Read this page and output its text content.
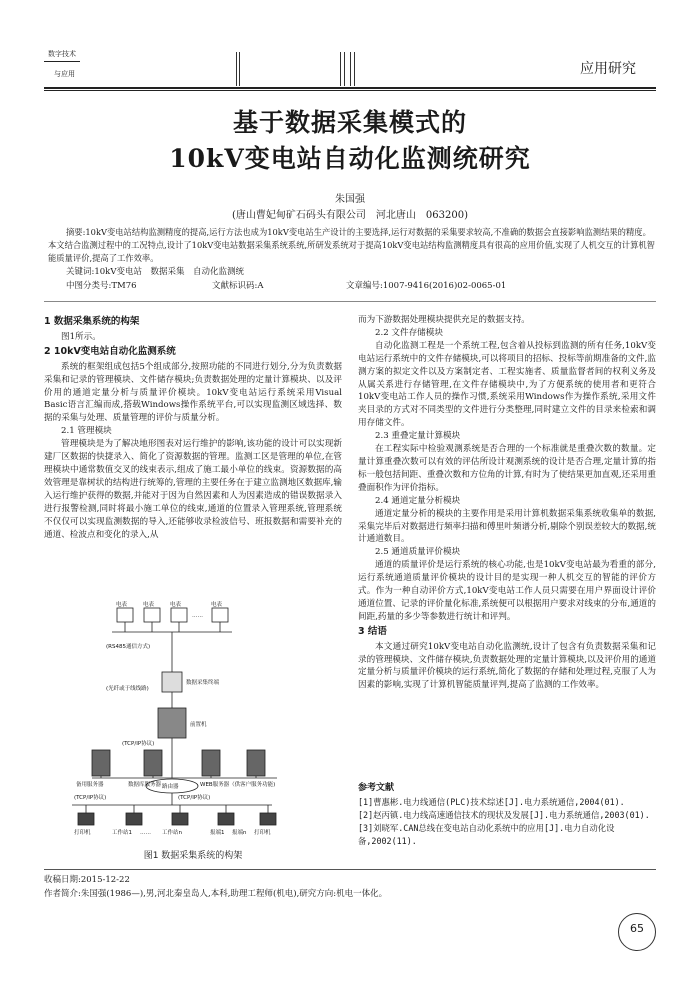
数字技术
与应用	应用研究
基于数据采集模式的
10kV变电站自动化监测统研究
朱国强
(唐山曹妃甸矿石码头有限公司　河北唐山　063200)
摘要:10kV变电站结构监测精度的提高,运行方法也成为10kV变电站生产设计的主要选择,运行对数据的采集要求较高,不准确的数据会直接影响监测结果的精度。本文结合监测过程中的工况特点,设计了10kV变电站数据采集系统系统,所研发系统对于提高10kV变电站结构监测精度具有很高的应用价值,实现了人机交互的计算机智能质量评价,提高了工作效率。
关键词:10kV变电站　数据采集　自动化监测统
中图分类号:TM76	文献标识码:A	文章编号:1007-9416(2016)02-0065-01
1 数据采集系统的构架

图1所示。

2 10kV变电站自动化监测系统

系统的框架组成包括5个组成部分,按照功能的不同进行划分,分为负责数据采集和记录的管理模块、文件储存模块;负责数据处理的定量计算模块、以及评价用的通道定量分析与质量评价模块。10kV变电站运行系统采用Visual Basic语言汇编而成,搭载Windows操作系统平台,可以实现监测区域选择、数据的采集与处理、质量管理的评价与质量分析。

2.1 管理模块

管理模块是为了解决地形图表对运行维护的影响,该功能的设计可以实现新建厂区数据的快捷录入、简化了资源数据的管理。监测工区是管理的单位,在管理模块中通常数值交叉的线束表示,组成了施工最小单位的线束。资源数据的高效管理是靠树状的结构进行统筹的,管理的主要任务在于建立监测地区数据库,输入运行维护获得的数据,并能对于因为自然因素和人为因素造成的错误数据录入进行报警检测,同时将最小施工单位的线束,通道的位置录入管理系统,管理系统不仅仅可以实现监测数据的导入,还能够收录检波信号、班报数据和需要补充的通道、检波点和变化的录入,从

电表	电表	电表
……
电表
(RS485通信方式)
数据采集终端
(光纤或于线线路)
前置机
(TCP/IP协议)
路由器
备用服务器	数据库服务器	WEB服务器（供客户服务功能)
(TCP/IP协议)	(TCP/IP协议)
打印机	工作站1 …… 工作站n	报端1 报端n 打印机
图1 数据采集系统的构架

而为下游数据处理模块提供充足的数据支持。

2.2 文件存储模块

自动化监测工程是一个系统工程,包含着从投标到监测的所有任务,10kV变电站运行系统中的文件存储模块,可以将项目的招标、投标等前期准备的文件,监测方案的拟定文件以及方案制定者、工程实施者、质量监督者间的权利义务及从属关系进行存储管理,在文件存储模块中,为了方便系统的使用者和更符合10kV变电站工作人员的操作习惯,系统采用Windows作为操作系统,采用文件夹目录的方式对不同类型的文件进行分类整理,同时建立文件的目录来检索和调用存储文件。

2.3 重叠定量计算模块

在工程实际中检验观测系统是否合理的一个标准就是重叠次数的数量。定量计算重叠次数可以有效的评估所设计观测系统的设计是否合理,定量计算的指标一般包括间距、重叠次数和方位角的计算,有时为了使结果更加直观,还采用重叠面积作为评价指标。

2.4 通道定量分析模块

通道定量分析的模块的主要作用是采用计算机数据采集系统收集单的数据,采集完毕后对数据进行频率扫描和傅里叶频谱分析,剔除个别误差较大的数据,统计通道数目。

2.5 通道质量评价模块

通道的质量评价是运行系统的核心功能,也是10kV变电站最为看重的部分,运行系统通道质量评价模块的设计目的是实现一种人机交互的智能的评价方式。作为一种自动评价方式,10kV变电站工作人员只需要在用户界面设计评价通道位置、记录的评价量化标准,系统便可以根据用户要求对线束的分布,通道的间距,药量的多少等参数进行统计和评判。

3 结语

本文通过研究10kV变电站自动化监测统,设计了包含有负责数据采集和记录的管理模块、文件储存模块,负责数据处理的定量计算模块,以及评价用的通道定量分析与质量评价模块的运行系统,简化了数据的存储和处理过程,克服了人为因素的影响,实现了计算机智能质量评判,提高了监测的工作效率。

参考文献
[1]曹惠彬.电力线通信(PLC)技术综述[J].电力系统通信,2004(01).
[2]赵丙镇.电力线高速通信技术的现状及发展[J].电力系统通信,2003(01).
[3]刘晓军.CAN总线在变电站自动化系统中的应用[J].电力自动化设备,2002(11).
收稿日期:2015-12-22
作者简介:朱国强(1986—),男,河北秦皇岛人,本科,助理工程师(机电),研究方向:机电一体化。
65
